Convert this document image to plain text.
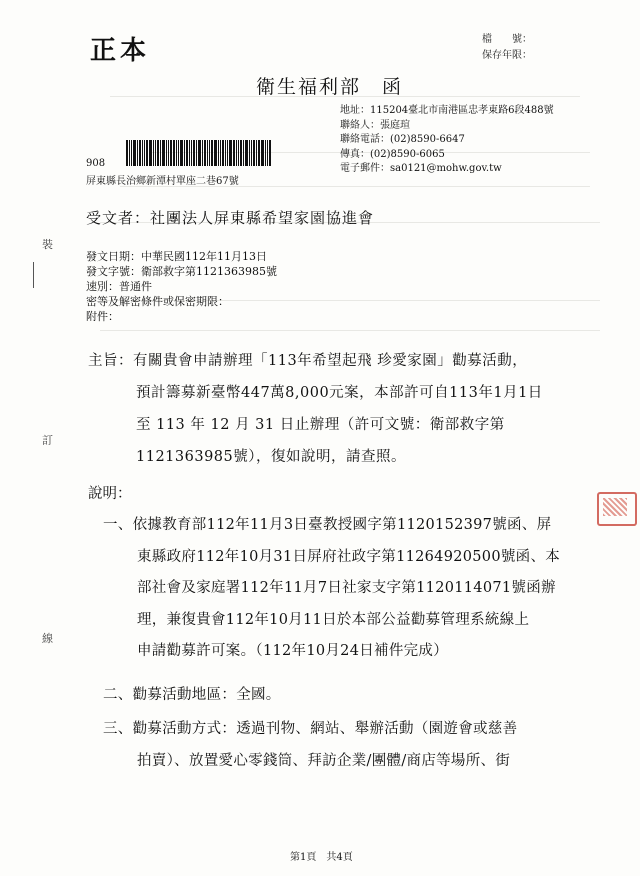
正本	檔　　號：
保存年限：
衛生福利部　函
地址：115204臺北市南港區忠孝東路6段488號
聯絡人：張庭瑄
聯絡電話：(02)8590-6647
傳真：(02)8590-6065
電子郵件：sa0121@mohw.gov.tw
908
屏東縣長治鄉新潭村單座二巷67號
受文者：社團法人屏東縣希望家園協進會
發文日期：中華民國112年11月13日
發文字號：衛部救字第1121363985號
速別：普通件
密等及解密條件或保密期限：
附件：
主旨：有關貴會申請辦理「113年希望起飛 珍愛家園」勸募活動，
預計籌募新臺幣447萬8,000元案，本部許可自113年1月1日
至 113 年 12 月 31 日止辦理（許可文號：衛部救字第
1121363985號），復如說明，請查照。
說明：
一、依據教育部112年11月3日臺教授國字第1120152397號函、屏
東縣政府112年10月31日屏府社政字第11264920500號函、本
部社會及家庭署112年11月7日社家支字第1120114071號函辦
理，兼復貴會112年10月11日於本部公益勸募管理系統線上
申請勸募許可案。（112年10月24日補件完成）
二、勸募活動地區：全國。
三、勸募活動方式：透過刊物、網站、舉辦活動（園遊會或慈善
拍賣）、放置愛心零錢筒、拜訪企業/團體/商店等場所、街
裝
訂
線
第1頁　共4頁
